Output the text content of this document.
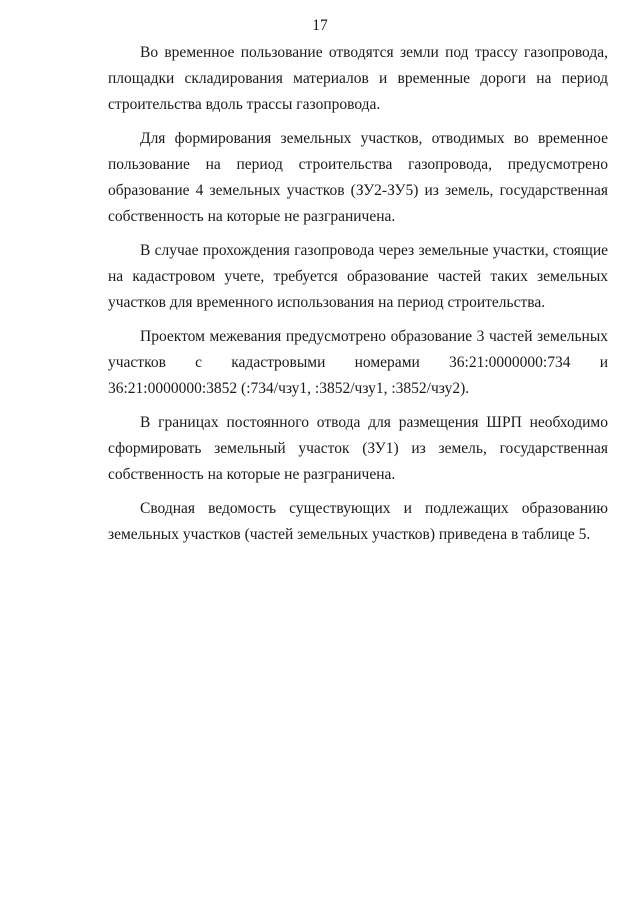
17

Во временное пользование отводятся земли под трассу газопровода, площадки складирования материалов и временные дороги на период строительства вдоль трассы газопровода.

Для формирования земельных участков, отводимых во временное пользование на период строительства газопровода, предусмотрено образование 4 земельных участков (ЗУ2-ЗУ5) из земель, государственная собственность на которые не разграничена.

В случае прохождения газопровода через земельные участки, стоящие на кадастровом учете, требуется образование частей таких земельных участков для временного использования на период строительства.

Проектом межевания предусмотрено образование 3 частей земельных участков с кадастровыми номерами 36:21:0000000:734 и 36:21:0000000:3852 (:734/чзу1, :3852/чзу1, :3852/чзу2).

В границах постоянного отвода для размещения ШРП необходимо сформировать земельный участок (ЗУ1) из земель, государственная собственность на которые не разграничена.

Сводная ведомость существующих и подлежащих образованию земельных участков (частей земельных участков) приведена в таблице 5.
